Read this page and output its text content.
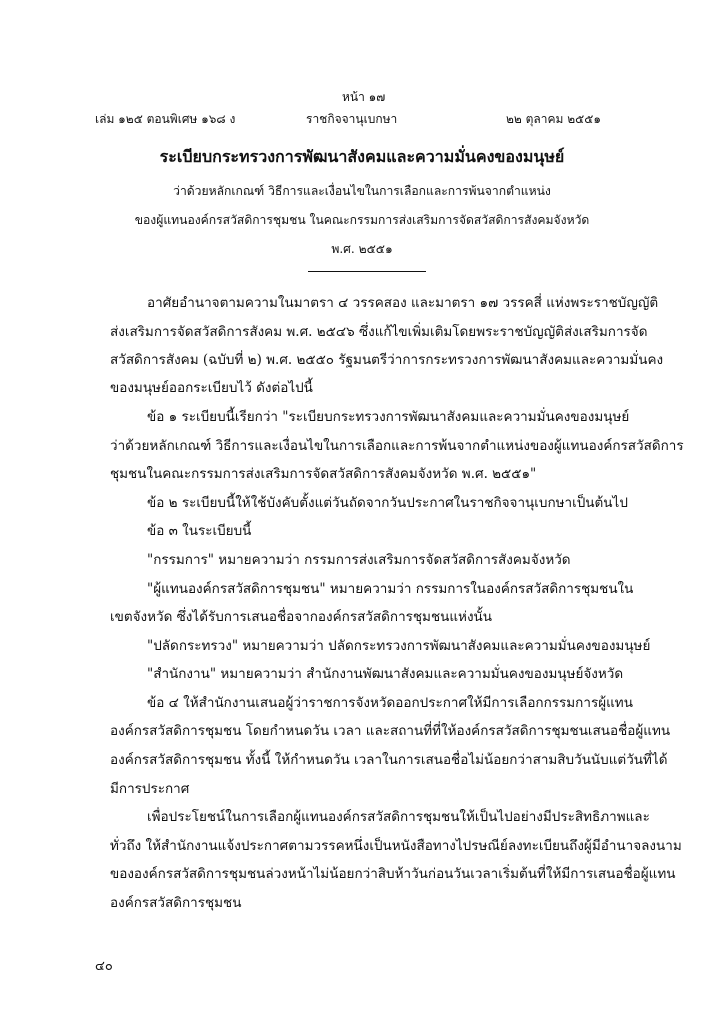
หน้า ๑๗
เล่ม ๑๒๕ ตอนพิเศษ ๑๖๘ ง	ราชกิจจานุเบกษา	๒๒ ตุลาคม ๒๕๕๑
ระเบียบกระทรวงการพัฒนาสังคมและความมั่นคงของมนุษย์
ว่าด้วยหลักเกณฑ์ วิธีการและเงื่อนไขในการเลือกและการพ้นจากตำแหน่ง
ของผู้แทนองค์กรสวัสดิการชุมชน ในคณะกรรมการส่งเสริมการจัดสวัสดิการสังคมจังหวัด
พ.ศ. ๒๕๕๑
อาศัยอำนาจตามความในมาตรา ๔ วรรคสอง และมาตรา ๑๗ วรรคสี่ แห่งพระราชบัญญัติ
ส่งเสริมการจัดสวัสดิการสังคม พ.ศ. ๒๕๔๖ ซึ่งแก้ไขเพิ่มเติมโดยพระราชบัญญัติส่งเสริมการจัด
สวัสดิการสังคม (ฉบับที่ ๒) พ.ศ. ๒๕๕๐ รัฐมนตรีว่าการกระทรวงการพัฒนาสังคมและความมั่นคง
ของมนุษย์ออกระเบียบไว้ ดังต่อไปนี้
ข้อ ๑ ระเบียบนี้เรียกว่า "ระเบียบกระทรวงการพัฒนาสังคมและความมั่นคงของมนุษย์
ว่าด้วยหลักเกณฑ์ วิธีการและเงื่อนไขในการเลือกและการพ้นจากตำแหน่งของผู้แทนองค์กรสวัสดิการ
ชุมชนในคณะกรรมการส่งเสริมการจัดสวัสดิการสังคมจังหวัด พ.ศ. ๒๕๕๑"
ข้อ ๒ ระเบียบนี้ให้ใช้บังคับตั้งแต่วันถัดจากวันประกาศในราชกิจจานุเบกษาเป็นต้นไป
ข้อ ๓ ในระเบียบนี้
"กรรมการ" หมายความว่า กรรมการส่งเสริมการจัดสวัสดิการสังคมจังหวัด
"ผู้แทนองค์กรสวัสดิการชุมชน" หมายความว่า กรรมการในองค์กรสวัสดิการชุมชนใน
เขตจังหวัด ซึ่งได้รับการเสนอชื่อจากองค์กรสวัสดิการชุมชนแห่งนั้น
"ปลัดกระทรวง" หมายความว่า ปลัดกระทรวงการพัฒนาสังคมและความมั่นคงของมนุษย์
"สำนักงาน" หมายความว่า สำนักงานพัฒนาสังคมและความมั่นคงของมนุษย์จังหวัด
ข้อ ๔ ให้สำนักงานเสนอผู้ว่าราชการจังหวัดออกประกาศให้มีการเลือกกรรมการผู้แทน
องค์กรสวัสดิการชุมชน โดยกำหนดวัน เวลา และสถานที่ที่ให้องค์กรสวัสดิการชุมชนเสนอชื่อผู้แทน
องค์กรสวัสดิการชุมชน ทั้งนี้ ให้กำหนดวัน เวลาในการเสนอชื่อไม่น้อยกว่าสามสิบวันนับแต่วันที่ได้
มีการประกาศ
เพื่อประโยชน์ในการเลือกผู้แทนองค์กรสวัสดิการชุมชนให้เป็นไปอย่างมีประสิทธิภาพและ
ทั่วถึง ให้สำนักงานแจ้งประกาศตามวรรคหนึ่งเป็นหนังสือทางไปรษณีย์ลงทะเบียนถึงผู้มีอำนาจลงนาม
ขององค์กรสวัสดิการชุมชนล่วงหน้าไม่น้อยกว่าสิบห้าวันก่อนวันเวลาเริ่มต้นที่ให้มีการเสนอชื่อผู้แทน
องค์กรสวัสดิการชุมชน
๔๐
